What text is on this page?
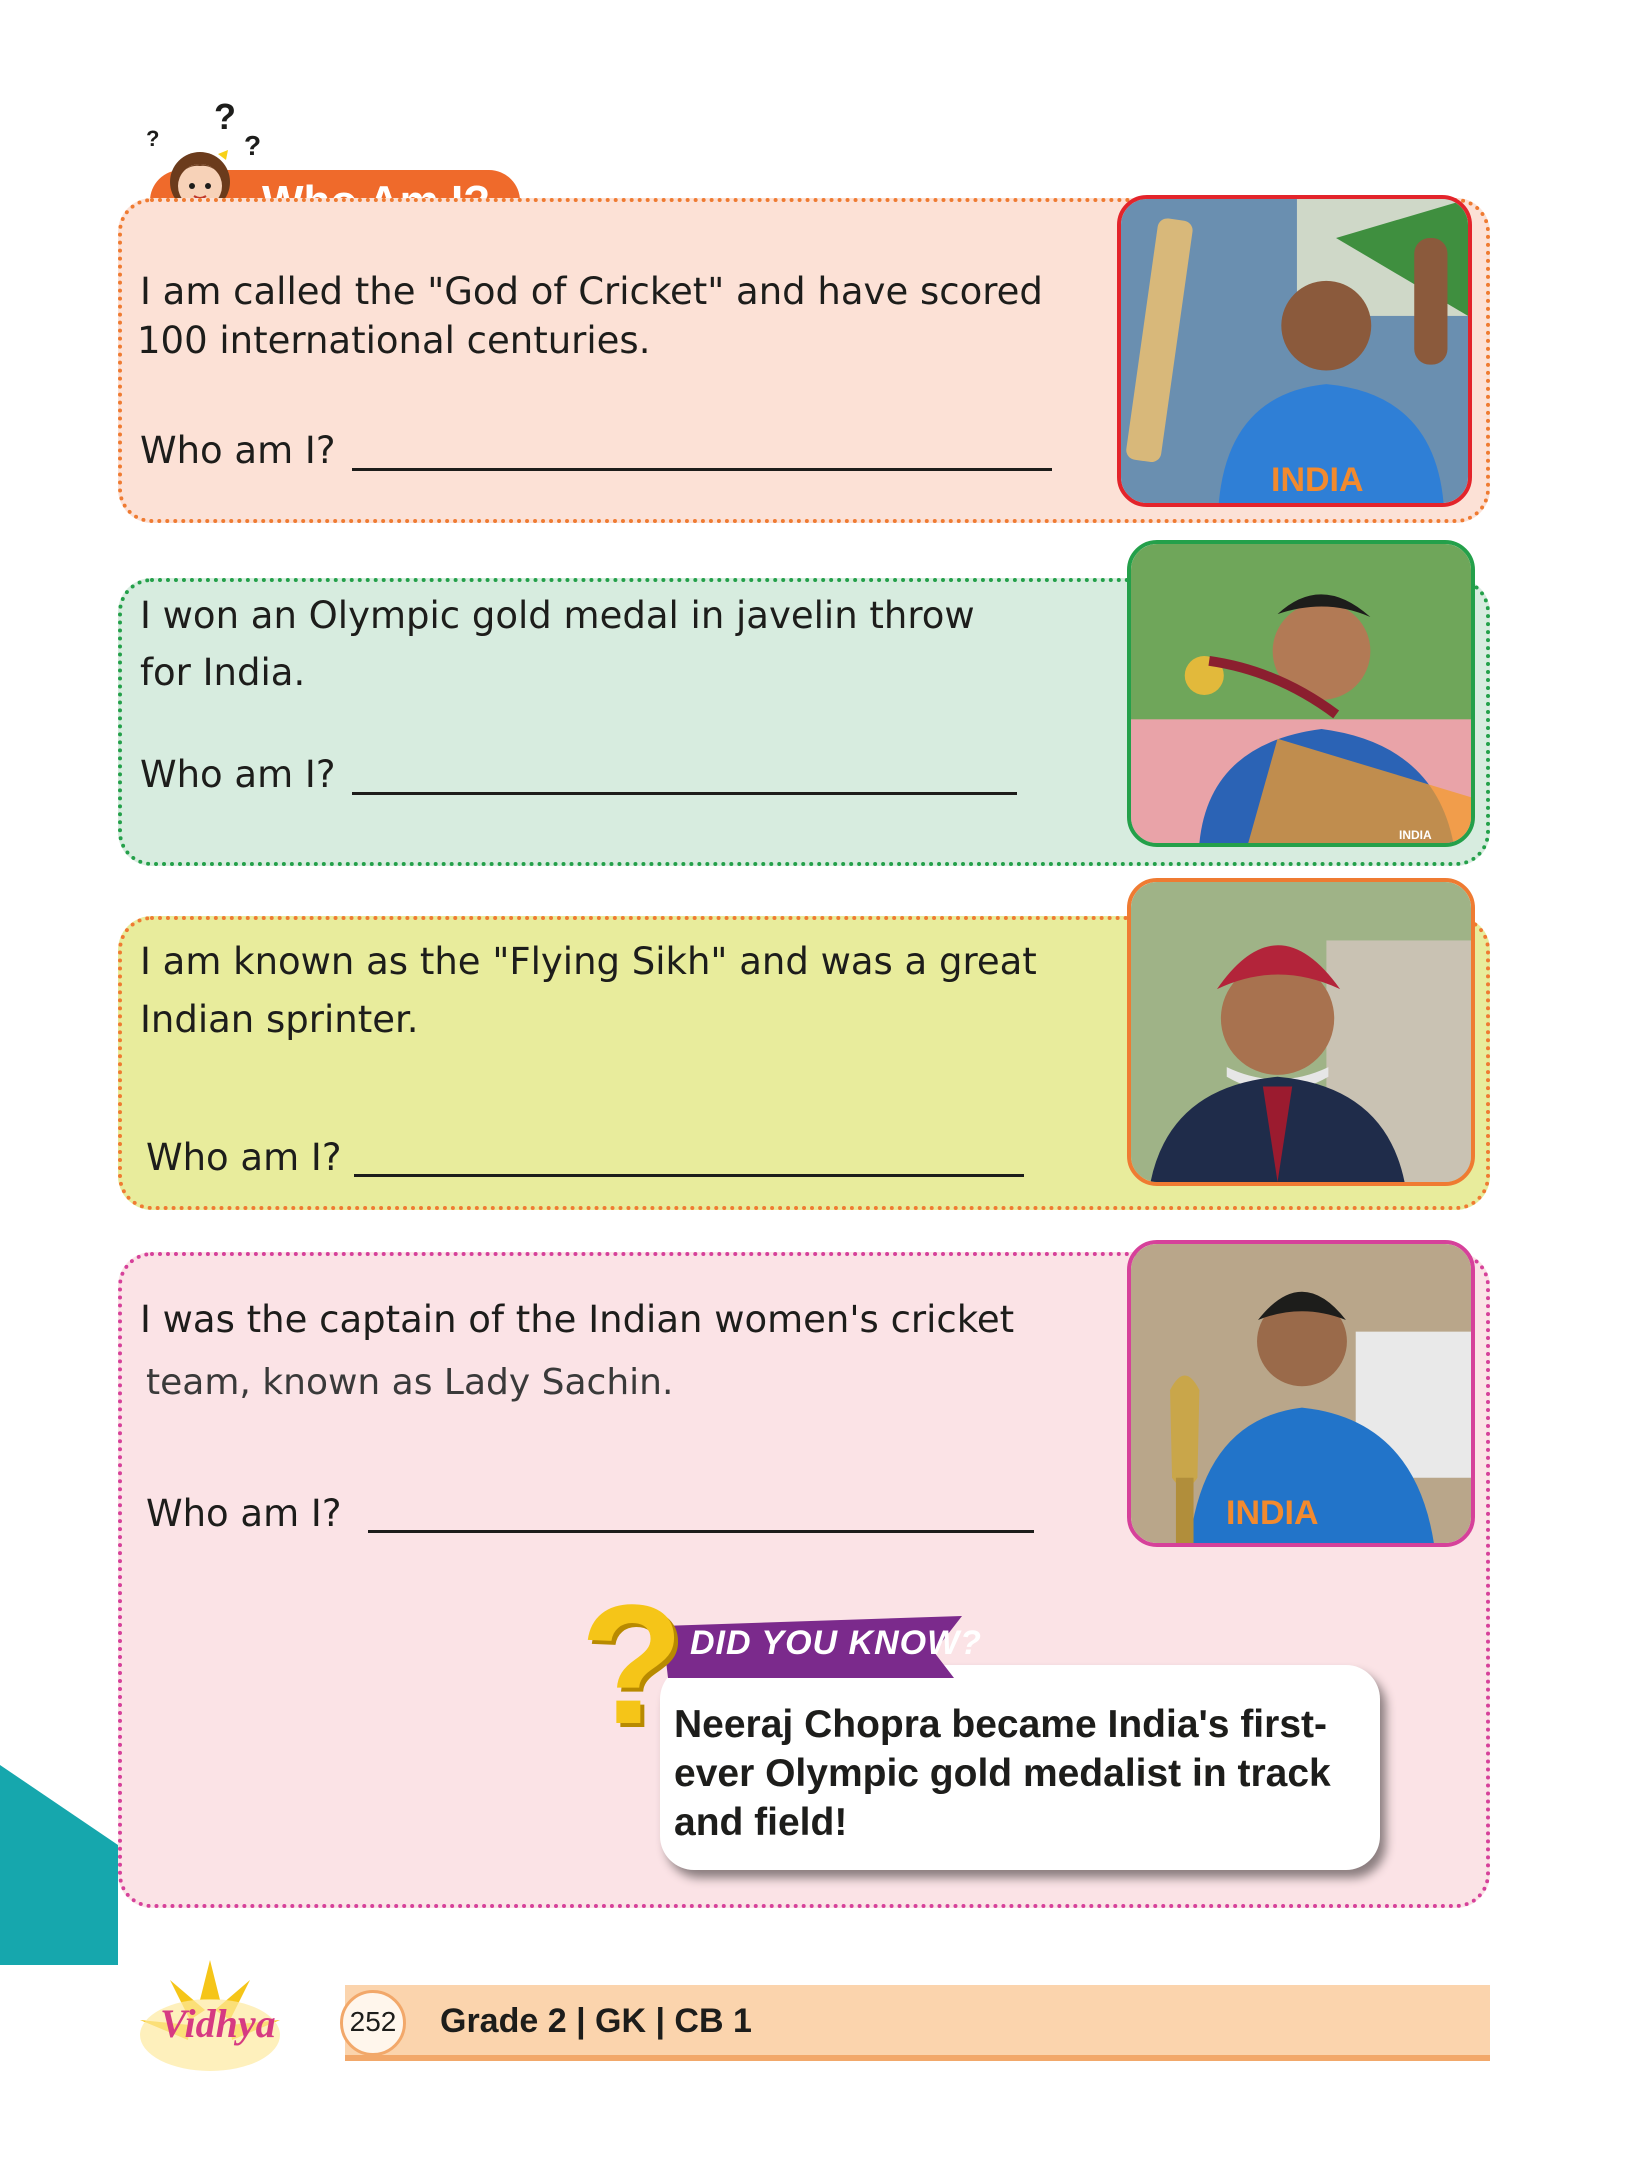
?
?	?
I am called the "God of Cricket" and have scored
100 international centuries.
Who am I?
INDIA
I won an Olympic gold medal in javelin throw
for India.
Who am I?
INDIA
I am known as the "Flying Sikh" and was a great
Indian sprinter.
Who am I?
I was the captain of the Indian women's cricket
team, known as Lady Sachin.
Who am I?	INDIA
DID YOU KNOW?
?
Neeraj Chopra became India's first-ever Olympic gold medalist in track and field!
Vidhya	252 Grade 2 | GK | CB 1
